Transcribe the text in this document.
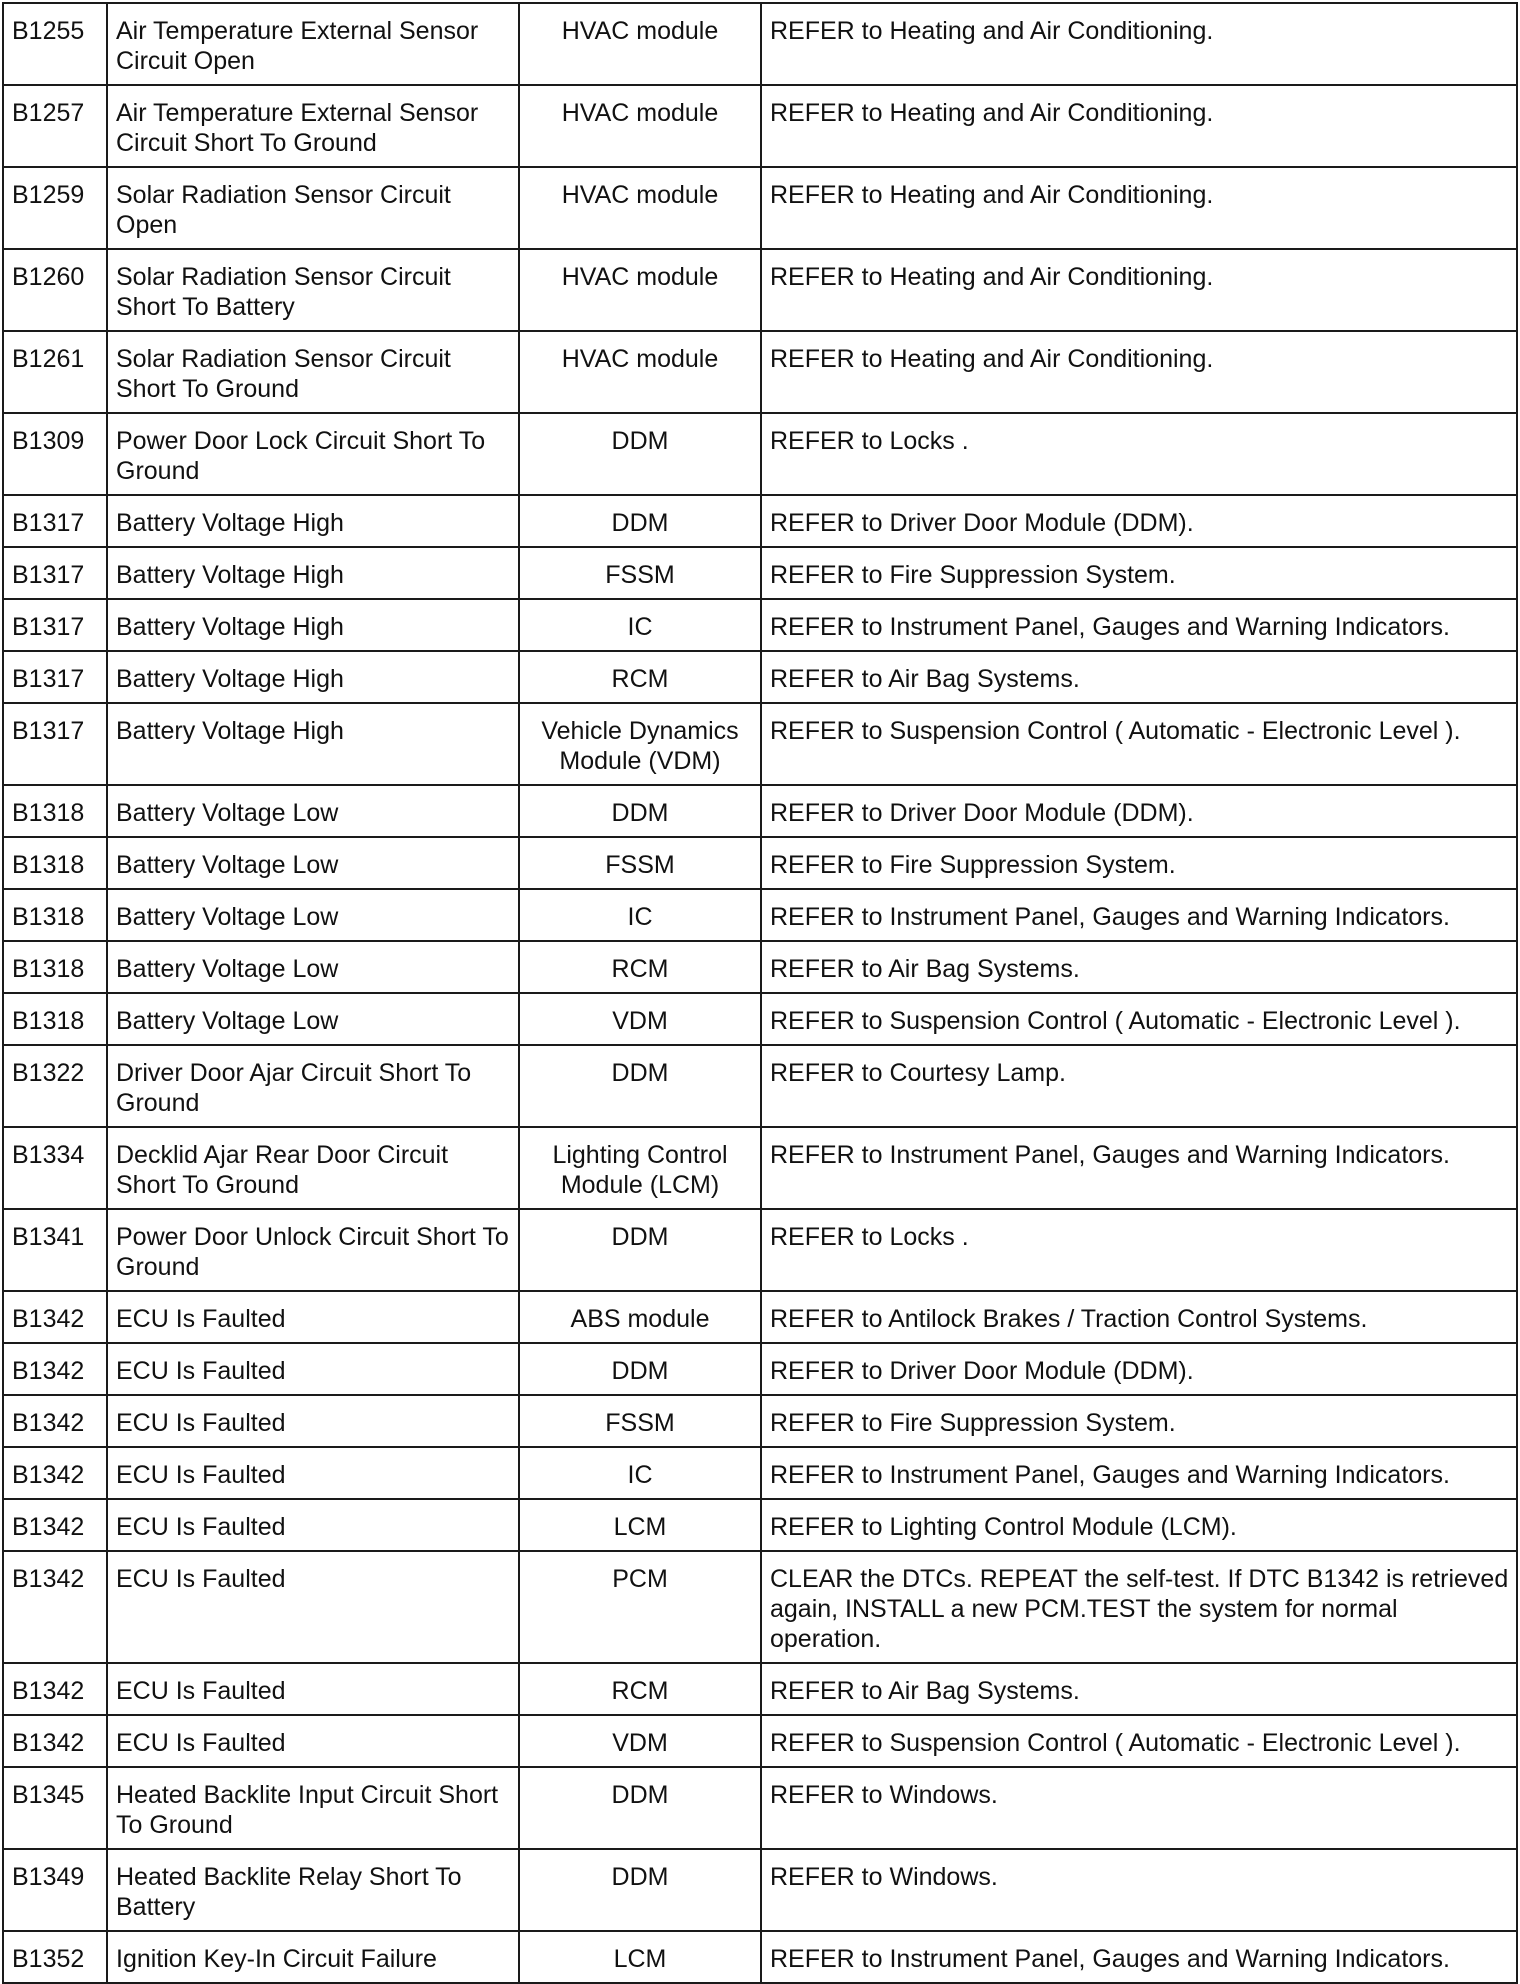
B1255	Air Temperature External Sensor Circuit Open	HVAC module	REFER to Heating and Air Conditioning.
B1257	Air Temperature External Sensor Circuit Short To Ground	HVAC module	REFER to Heating and Air Conditioning.
B1259	Solar Radiation Sensor Circuit Open	HVAC module	REFER to Heating and Air Conditioning.
B1260	Solar Radiation Sensor Circuit Short To Battery	HVAC module	REFER to Heating and Air Conditioning.
B1261	Solar Radiation Sensor Circuit Short To Ground	HVAC module	REFER to Heating and Air Conditioning.
B1309	Power Door Lock Circuit Short To Ground	DDM	REFER to Locks .
B1317	Battery Voltage High	DDM	REFER to Driver Door Module (DDM).
B1317	Battery Voltage High	FSSM	REFER to Fire Suppression System.
B1317	Battery Voltage High	IC	REFER to Instrument Panel, Gauges and Warning Indicators.
B1317	Battery Voltage High	RCM	REFER to Air Bag Systems.
B1317	Battery Voltage High	Vehicle Dynamics Module (VDM)	REFER to Suspension Control ( Automatic - Electronic Level ).
B1318	Battery Voltage Low	DDM	REFER to Driver Door Module (DDM).
B1318	Battery Voltage Low	FSSM	REFER to Fire Suppression System.
B1318	Battery Voltage Low	IC	REFER to Instrument Panel, Gauges and Warning Indicators.
B1318	Battery Voltage Low	RCM	REFER to Air Bag Systems.
B1318	Battery Voltage Low	VDM	REFER to Suspension Control ( Automatic - Electronic Level ).
B1322	Driver Door Ajar Circuit Short To Ground	DDM	REFER to Courtesy Lamp.
B1334	Decklid Ajar Rear Door Circuit Short To Ground	Lighting Control Module (LCM)	REFER to Instrument Panel, Gauges and Warning Indicators.
B1341	Power Door Unlock Circuit Short To Ground	DDM	REFER to Locks .
B1342	ECU Is Faulted	ABS module	REFER to Antilock Brakes / Traction Control Systems.
B1342	ECU Is Faulted	DDM	REFER to Driver Door Module (DDM).
B1342	ECU Is Faulted	FSSM	REFER to Fire Suppression System.
B1342	ECU Is Faulted	IC	REFER to Instrument Panel, Gauges and Warning Indicators.
B1342	ECU Is Faulted	LCM	REFER to Lighting Control Module (LCM).
B1342	ECU Is Faulted	PCM	CLEAR the DTCs. REPEAT the self-test. If DTC B1342 is retrieved again, INSTALL a new PCM.TEST the system for normal operation.
B1342	ECU Is Faulted	RCM	REFER to Air Bag Systems.
B1342	ECU Is Faulted	VDM	REFER to Suspension Control ( Automatic - Electronic Level ).
B1345	Heated Backlite Input Circuit Short To Ground	DDM	REFER to Windows.
B1349	Heated Backlite Relay Short To Battery	DDM	REFER to Windows.
B1352	Ignition Key-In Circuit Failure	LCM	REFER to Instrument Panel, Gauges and Warning Indicators.
